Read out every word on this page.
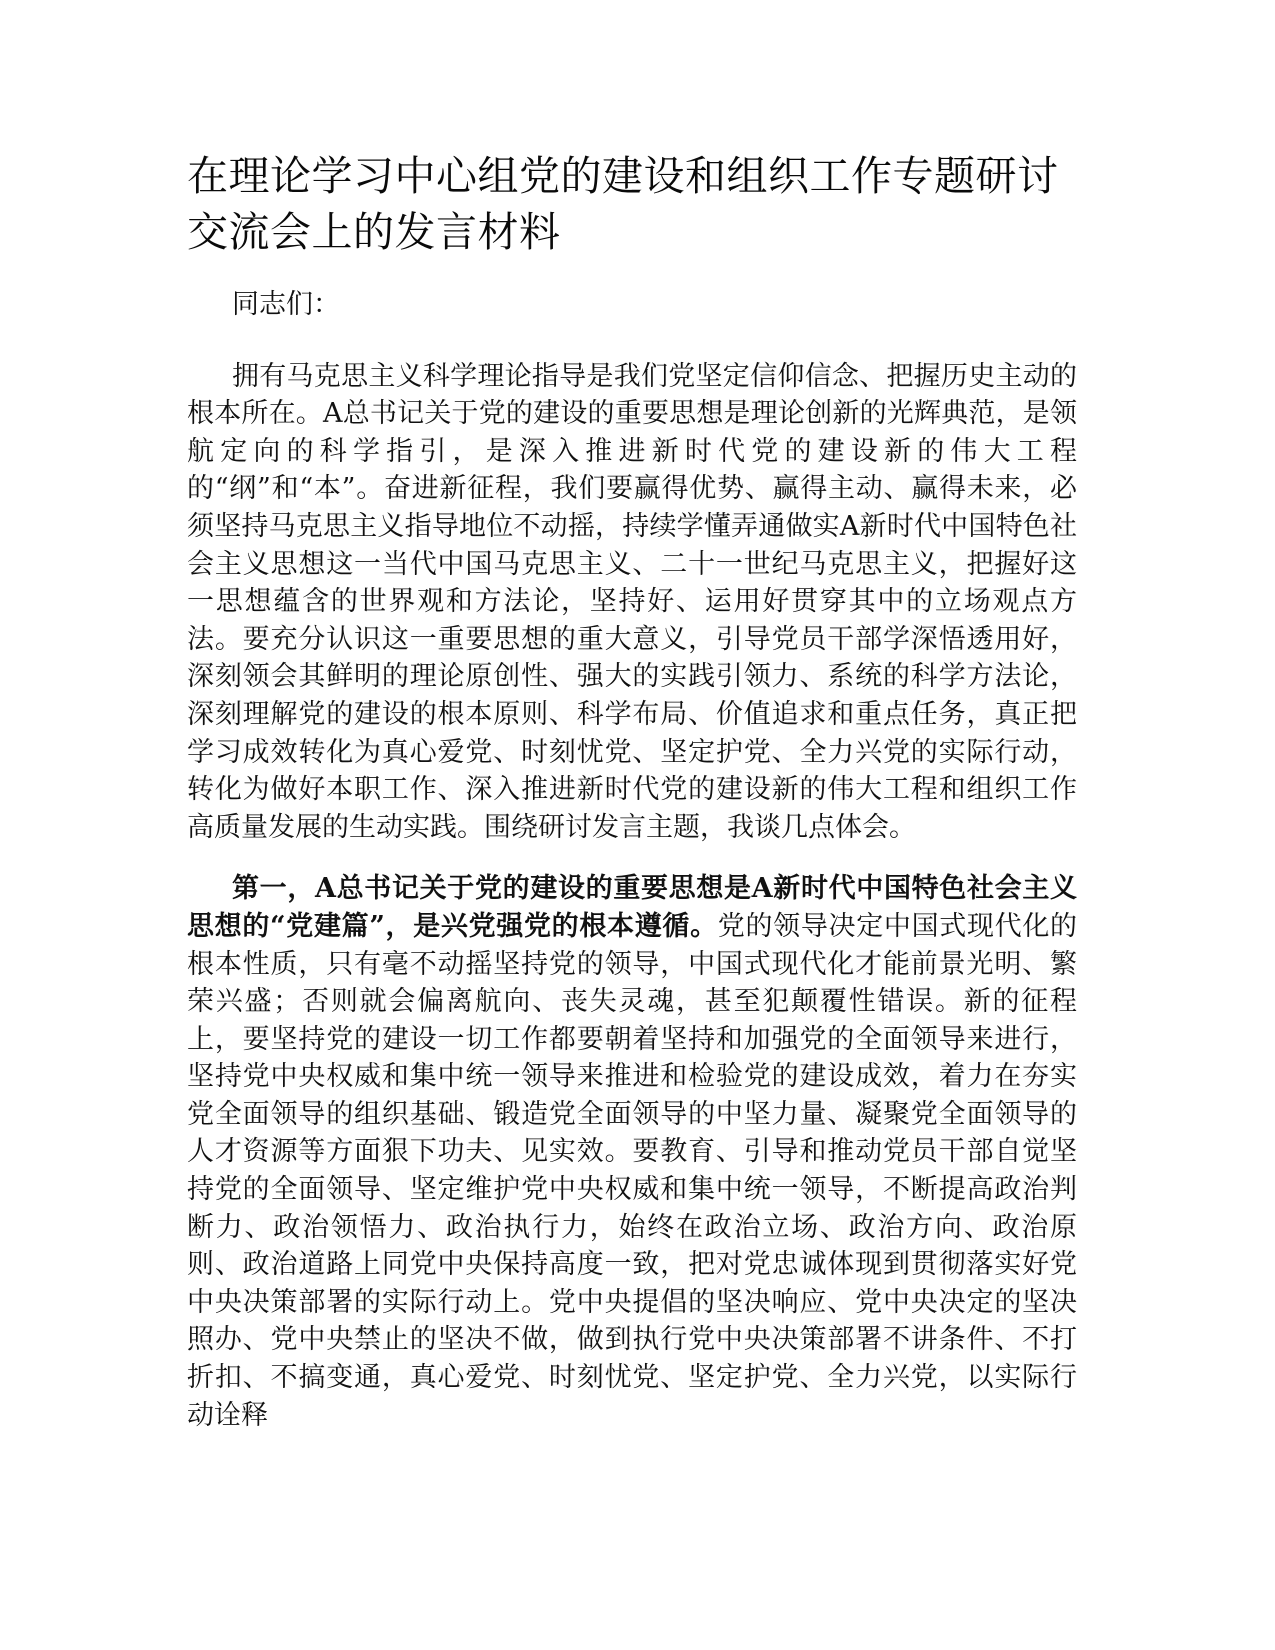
在理论学习中心组党的建设和组织工作专题研讨交流会上的发言材料

同志们：

拥有马克思主义科学理论指导是我们党坚定信仰信念、把握历史主动的根本所在。A总书记关于党的建设的重要思想是理论创新的光辉典范，是领航定向的科学指引，是深入推进新时代党的建设新的伟大工程的“纲”和“本”。奋进新征程，我们要赢得优势、赢得主动、赢得未来，必须坚持马克思主义指导地位不动摇，持续学懂弄通做实A新时代中国特色社会主义思想这一当代中国马克思主义、二十一世纪马克思主义，把握好这一思想蕴含的世界观和方法论，坚持好、运用好贯穿其中的立场观点方法。要充分认识这一重要思想的重大意义，引导党员干部学深悟透用好，深刻领会其鲜明的理论原创性、强大的实践引领力、系统的科学方法论，深刻理解党的建设的根本原则、科学布局、价值追求和重点任务，真正把学习成效转化为真心爱党、时刻忧党、坚定护党、全力兴党的实际行动，转化为做好本职工作、深入推进新时代党的建设新的伟大工程和组织工作高质量发展的生动实践。围绕研讨发言主题，我谈几点体会。

第一，A总书记关于党的建设的重要思想是A新时代中国特色社会主义思想的“党建篇”，是兴党强党的根本遵循。党的领导决定中国式现代化的根本性质，只有毫不动摇坚持党的领导，中国式现代化才能前景光明、繁荣兴盛；否则就会偏离航向、丧失灵魂，甚至犯颠覆性错误。新的征程上，要坚持党的建设一切工作都要朝着坚持和加强党的全面领导来进行，坚持党中央权威和集中统一领导来推进和检验党的建设成效，着力在夯实党全面领导的组织基础、锻造党全面领导的中坚力量、凝聚党全面领导的人才资源等方面狠下功夫、见实效。要教育、引导和推动党员干部自觉坚持党的全面领导、坚定维护党中央权威和集中统一领导，不断提高政治判断力、政治领悟力、政治执行力，始终在政治立场、政治方向、政治原则、政治道路上同党中央保持高度一致，把对党忠诚体现到贯彻落实好党中央决策部署的实际行动上。党中央提倡的坚决响应、党中央决定的坚决照办、党中央禁止的坚决不做，做到执行党中央决策部署不讲条件、不打折扣、不搞变通，真心爱党、时刻忧党、坚定护党、全力兴党，以实际行动诠释
